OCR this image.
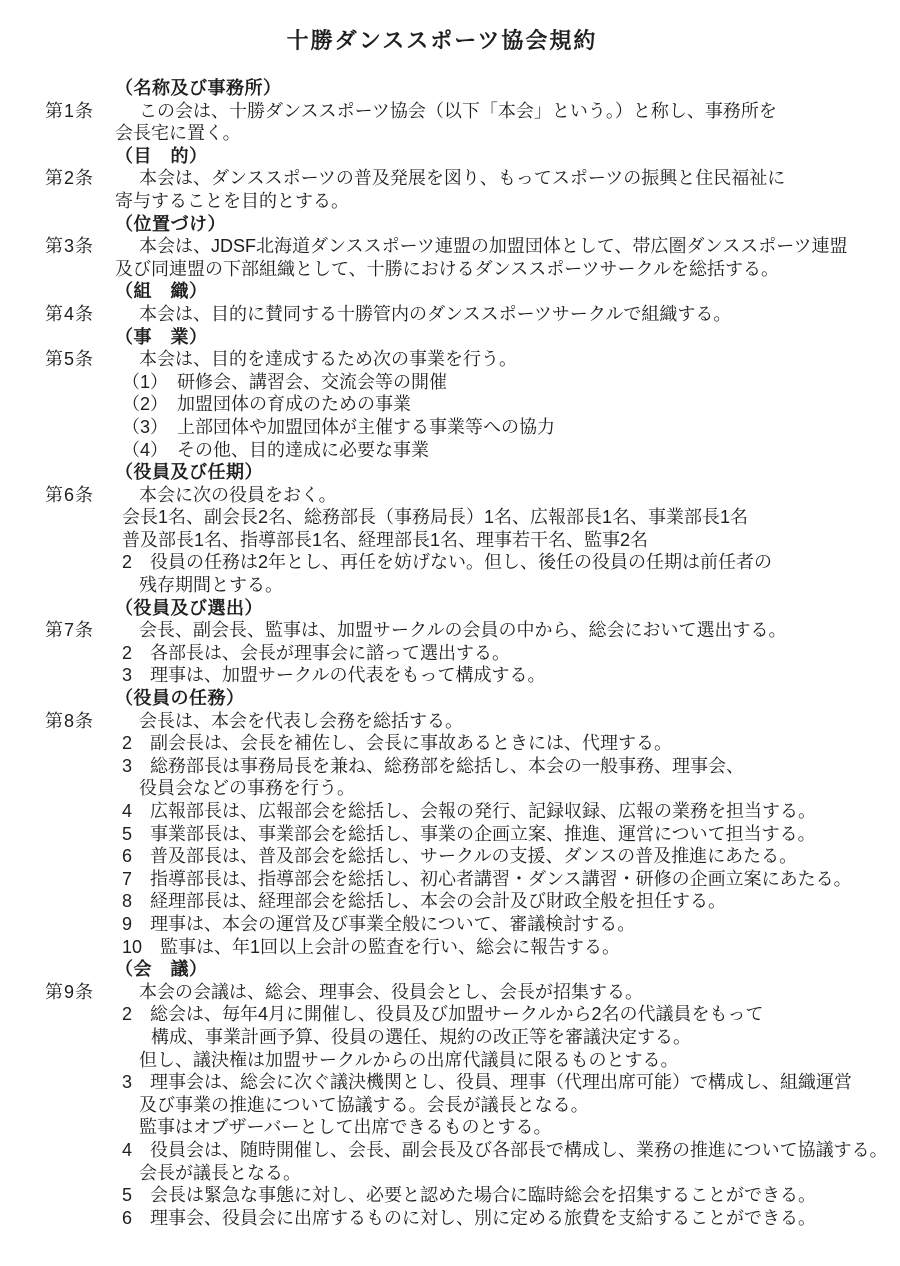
十勝ダンススポーツ協会規約
（名称及び事務所）
第1条	この会は、十勝ダンススポーツ協会（以下「本会」という。）と称し、事務所を
会長宅に置く。
（目　的）
第2条	本会は、ダンススポーツの普及発展を図り、もってスポーツの振興と住民福祉に
寄与することを目的とする。
（位置づけ）
第3条	本会は、JDSF北海道ダンススポーツ連盟の加盟団体として、帯広圏ダンススポーツ連盟
及び同連盟の下部組織として、十勝におけるダンススポーツサークルを総括する。
（組　織）
第4条	本会は、目的に賛同する十勝管内のダンススポーツサークルで組織する。
（事　業）
第5条	本会は、目的を達成するため次の事業を行う。
（1）　研修会、講習会、交流会等の開催
（2）　加盟団体の育成のための事業
（3）　上部団体や加盟団体が主催する事業等への協力
（4）　その他、目的達成に必要な事業
（役員及び任期）
第6条	本会に次の役員をおく。
会長1名、副会長2名、総務部長（事務局長）1名、広報部長1名、事業部長1名
普及部長1名、指導部長1名、経理部長1名、理事若干名、監事2名
2　役員の任務は2年とし、再任を妨げない。但し、後任の役員の任期は前任者の
残存期間とする。
（役員及び選出）
第7条	会長、副会長、監事は、加盟サークルの会員の中から、総会において選出する。
2　各部長は、会長が理事会に諮って選出する。
3　理事は、加盟サークルの代表をもって構成する。
（役員の任務）
第8条	会長は、本会を代表し会務を総括する。
2　副会長は、会長を補佐し、会長に事故あるときには、代理する。
3　総務部長は事務局長を兼ね、総務部を総括し、本会の一般事務、理事会、
役員会などの事務を行う。
4　広報部長は、広報部会を総括し、会報の発行、記録収録、広報の業務を担当する。
5　事業部長は、事業部会を総括し、事業の企画立案、推進、運営について担当する。
6　普及部長は、普及部会を総括し、サークルの支援、ダンスの普及推進にあたる。
7　指導部長は、指導部会を総括し、初心者講習・ダンス講習・研修の企画立案にあたる。
8　経理部長は、経理部会を総括し、本会の会計及び財政全般を担任する。
9　理事は、本会の運営及び事業全般について、審議検討する。
10　監事は、年1回以上会計の監査を行い、総会に報告する。
（会　議）
第9条	本会の会議は、総会、理事会、役員会とし、会長が招集する。
2　総会は、毎年4月に開催し、役員及び加盟サークルから2名の代議員をもって
構成、事業計画予算、役員の選任、規約の改正等を審議決定する。
但し、議決権は加盟サークルからの出席代議員に限るものとする。
3　理事会は、総会に次ぐ議決機関とし、役員、理事（代理出席可能）で構成し、組織運営
及び事業の推進について協議する。会長が議長となる。
監事はオブザーバーとして出席できるものとする。
4　役員会は、随時開催し、会長、副会長及び各部長で構成し、業務の推進について協議する。
会長が議長となる。
5　会長は緊急な事態に対し、必要と認めた場合に臨時総会を招集することができる。
6　理事会、役員会に出席するものに対し、別に定める旅費を支給することができる。
